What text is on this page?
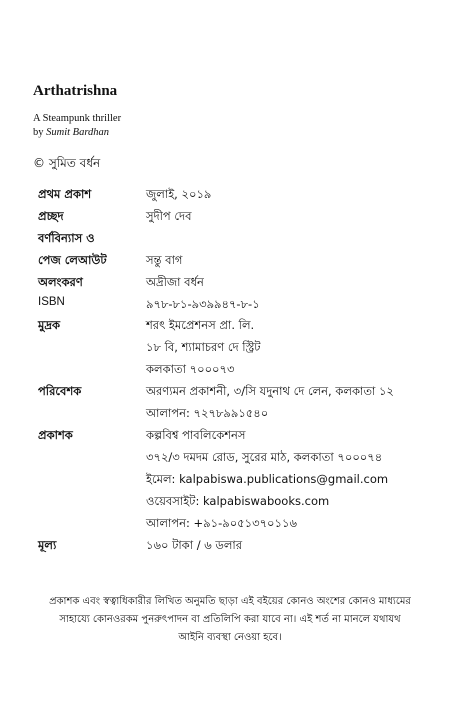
Arthatrishna
A Steampunk thriller
by Sumit Bardhan
© সুমিত বর্ধন
প্রথম প্রকাশ	জুলাই, ২০১৯
প্রচ্ছদ	সুদীপ দেব
বর্ণবিন্যাস ও
পেজ লেআউট	সন্তু বাগ
অলংকরণ	অদ্রীজা বর্ধন
ISBN	৯৭৮-৮১-৯৩৯৯৪৭-৮-১
মুদ্রক	শরৎ ইমপ্রেশনস প্রা. লি.
১৮ বি, শ্যামাচরণ দে স্ট্রিট
কলকাতা ৭০০০৭৩
পরিবেশক	অরণ্যমন প্রকাশনী, ৩/সি যদুনাথ দে লেন, কলকাতা ১২
আলাপন: ৭২৭৮৯৯১৫৪০
প্রকাশক	কল্পবিশ্ব পাবলিকেশনস
৩৭২/৩ দমদম রোড, সুরের মাঠ, কলকাতা ৭০০০৭৪
ইমেল: kalpabiswa.publications@gmail.com
ওয়েবসাইট: kalpabiswabooks.com
আলাপন: +৯১-৯০৫১৩৭০১১৬
মূল্য	১৬০ টাকা / ৬ ডলার
প্রকাশক এবং স্বত্বাধিকারীর লিখিত অনুমতি ছাড়া এই বইয়ের কোনও অংশের কোনও মাধ্যমের
সাহায্যে কোনওরকম পুনরুৎপাদন বা প্রতিলিপি করা যাবে না। এই শর্ত না মানলে যথাযথ
আইনি ব্যবস্থা নেওয়া হবে।
